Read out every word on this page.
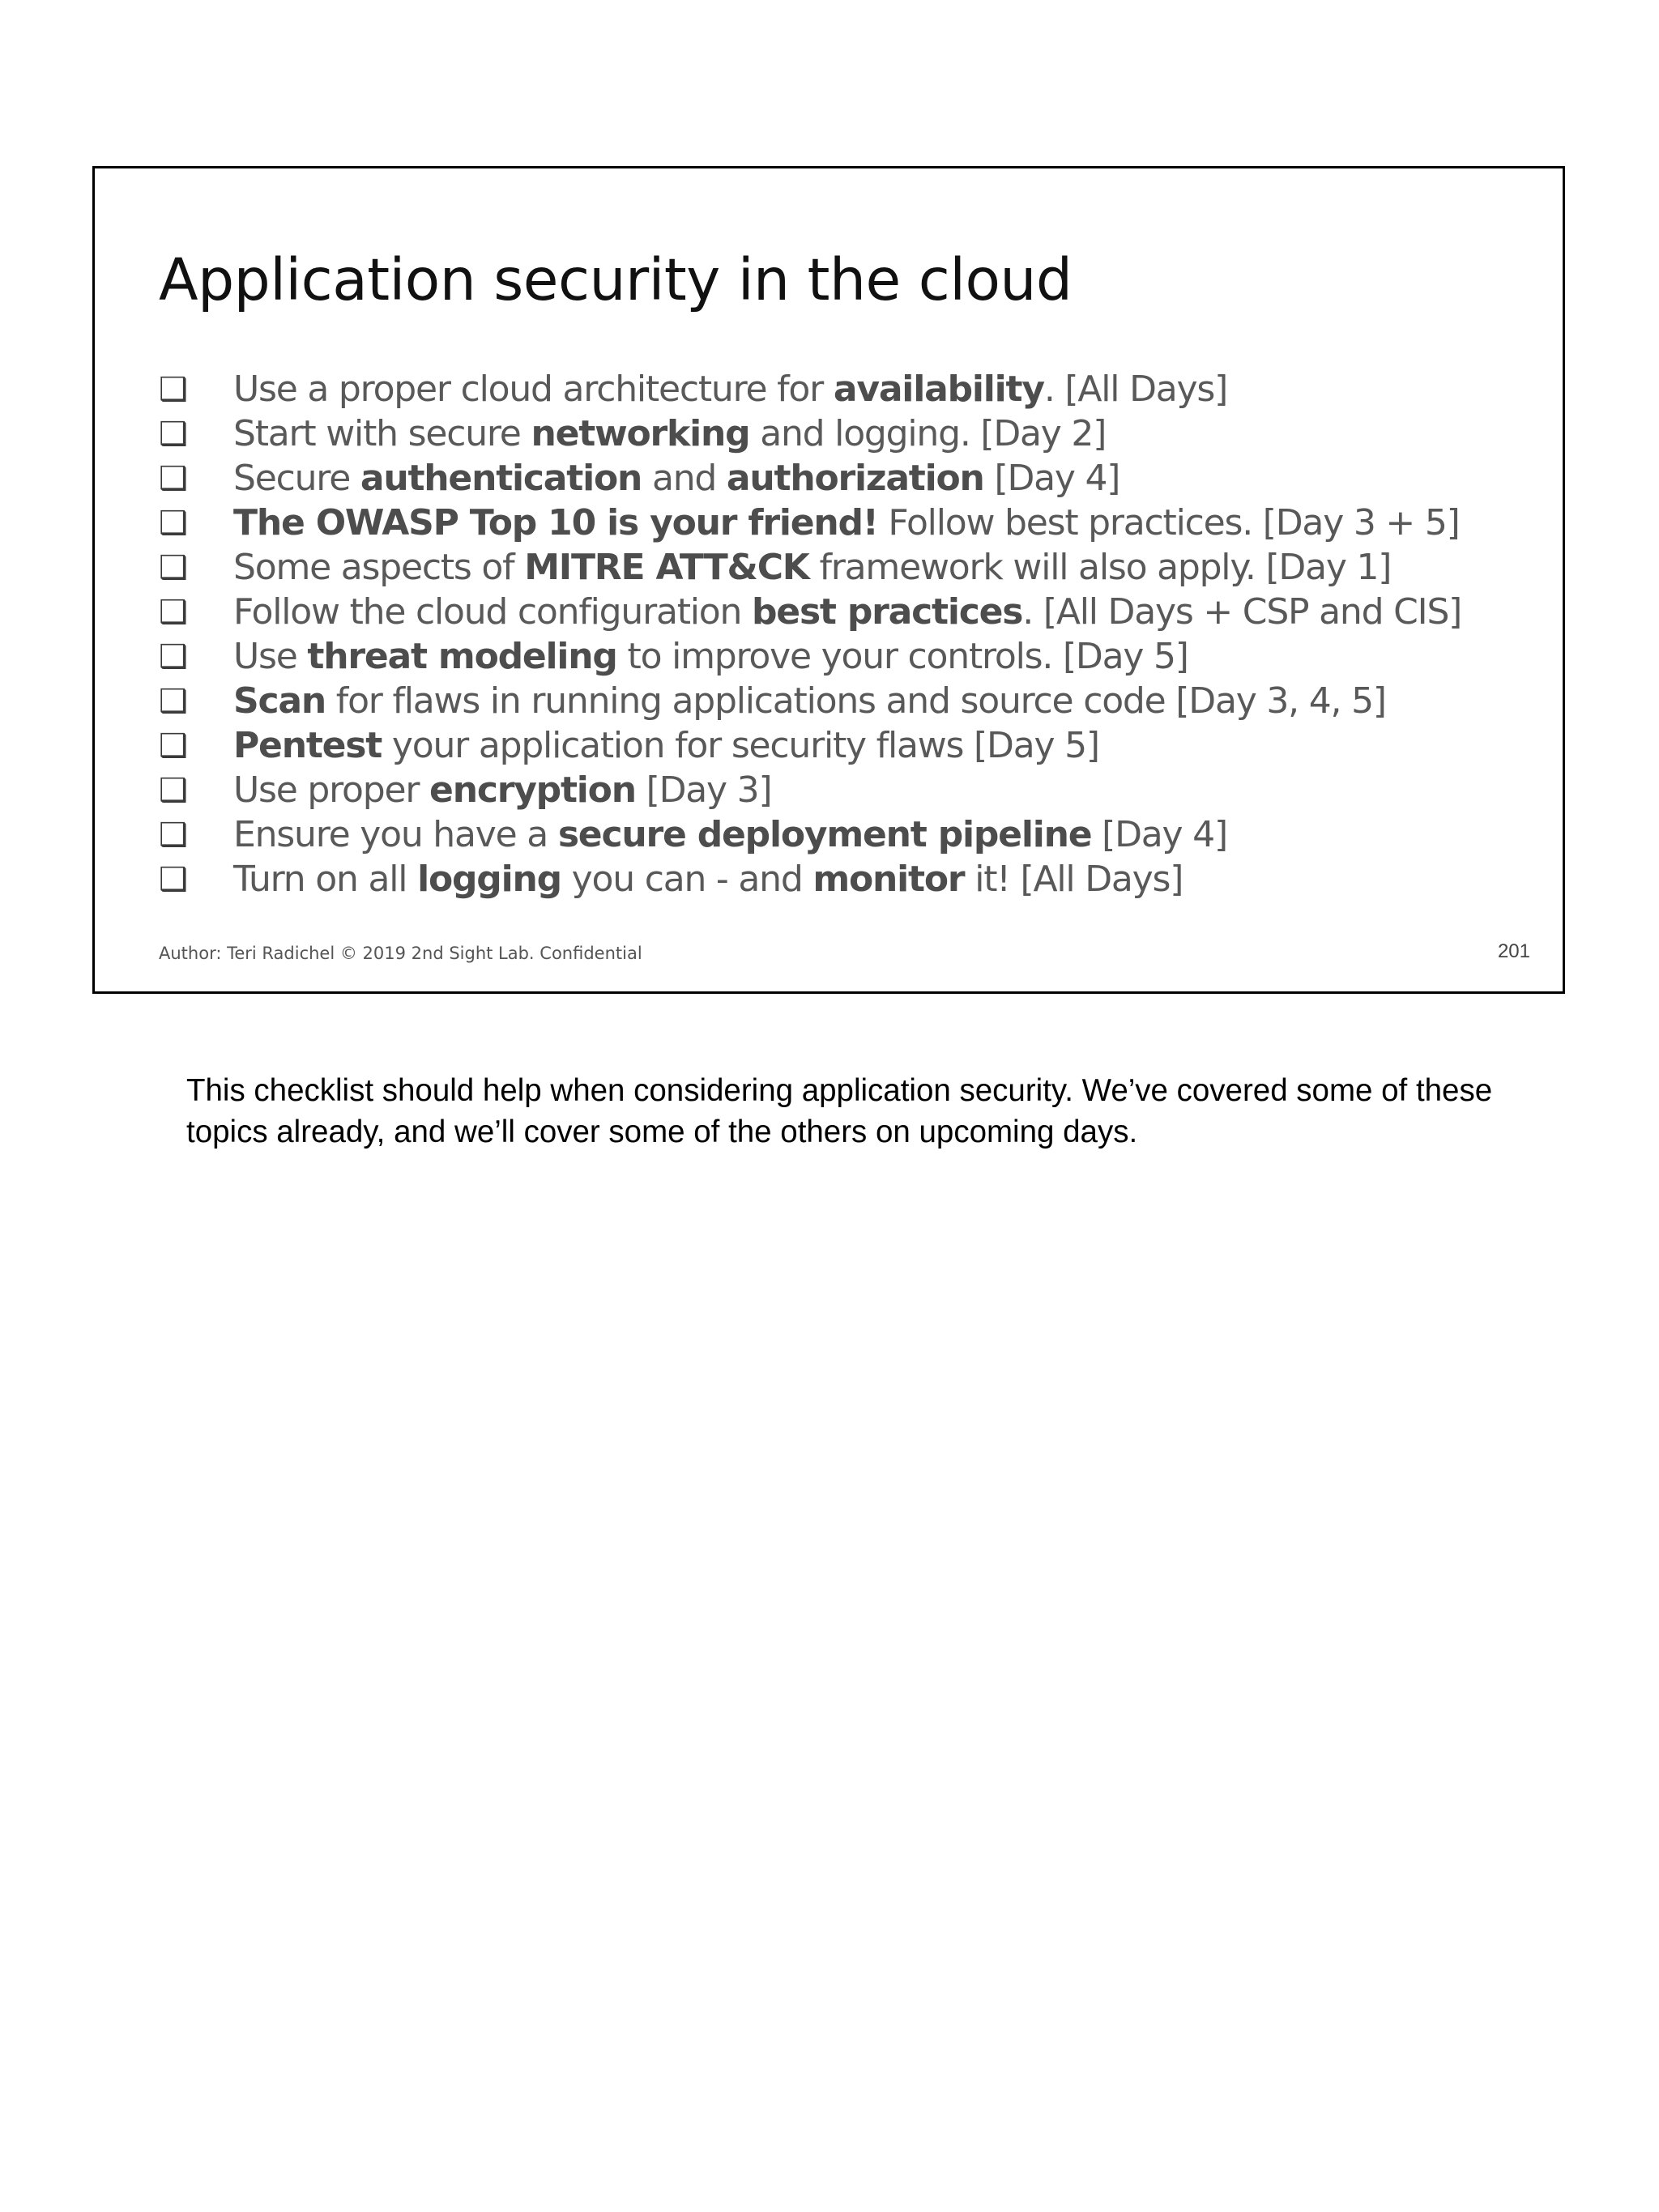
Application security in the cloud
❑	Use a proper cloud architecture for availability. [All Days]
❑	Start with secure networking and logging. [Day 2]
❑	Secure authentication and authorization [Day 4]
❑	The OWASP Top 10 is your friend! Follow best practices. [Day 3 + 5]
❑	Some aspects of MITRE ATT&CK framework will also apply. [Day 1]
❑	Follow the cloud configuration best practices. [All Days + CSP and CIS]
❑	Use threat modeling to improve your controls. [Day 5]
❑	Scan for flaws in running applications and source code [Day 3, 4, 5]
❑	Pentest your application for security flaws [Day 5]
❑	Use proper encryption [Day 3]
❑	Ensure you have a secure deployment pipeline [Day 4]
❑	Turn on all logging you can - and monitor it! [All Days]
Author: Teri Radichel © 2019 2nd Sight Lab. Confidential	201

This checklist should help when considering application security. We’ve covered some of these topics already, and we’ll cover some of the others on upcoming days.
